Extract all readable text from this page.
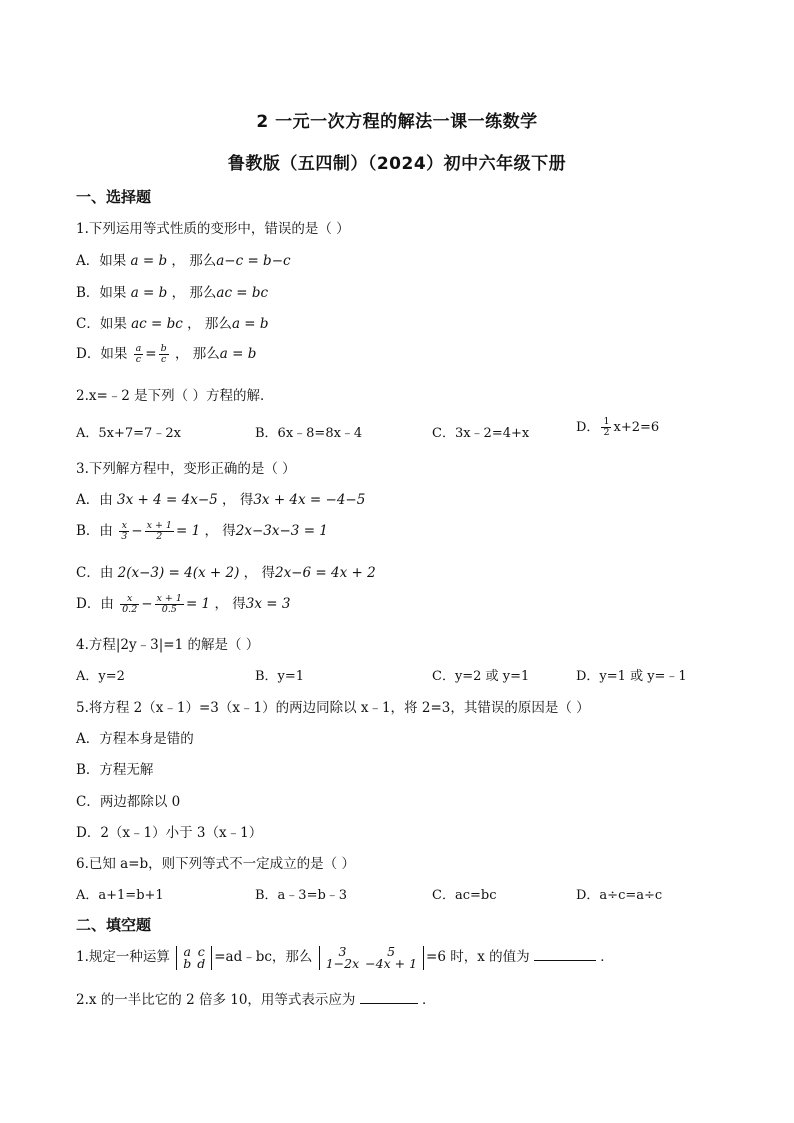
2 一元一次方程的解法一课一练数学
鲁教版（五四制）（2024）初中六年级下册
一、选择题
1.下列运用等式性质的变形中，错误的是（ ）
A．如果 a = b ， 那么a−c = b−c
B．如果 a = b ， 那么ac = bc
C．如果 ac = bc ， 那么a = b
D．如果 $\frac{a}{c} = \frac{b}{c}$ ， 那么a = b
2.x=﹣2 是下列（ ）方程的解．
A．5x+7=7﹣2x	B．6x﹣8=8x﹣4	C．3x﹣2=4+x	D． $\frac{1}{2} x+2=6$
3.下列解方程中，变形正确的是（ ）
A．由 3x + 4 = 4x−5 ， 得3x + 4x = −4−5
B．由 $\frac{x}{3} - \frac{x + 1}{2} = 1$ ， 得2x−3x−3 = 1
C．由 2(x−3) = 4(x + 2) ， 得2x−6 = 4x + 2
D．由 $\frac{x}{0.2} - \frac{x + 1}{0.5} = 1$ ， 得3x = 3
4.方程|2y﹣3|=1 的解是（ ）
A．y=2	B．y=1	C．y=2 或 y=1	D．y=1 或 y=﹣1
5.将方程 2（x﹣1）=3（x﹣1）的两边同除以 x﹣1，将 2=3，其错误的原因是（ ）
A．方程本身是错的
B．方程无解
C．两边都除以 0
D．2（x﹣1）小于 3（x﹣1）
6.已知 a=b，则下列等式不一定成立的是（ ）
A．a+1=b+1	B．a﹣3=b﹣3	C．ac=bc	D．a÷c=a÷c
二、填空题
1.规定一种运算 a	c
b	d =ad﹣bc，那么 3	5
1−2x	−4x + 1 =6 时，x 的值为	．
2.x 的一半比它的 2 倍多 10，用等式表示应为	．
